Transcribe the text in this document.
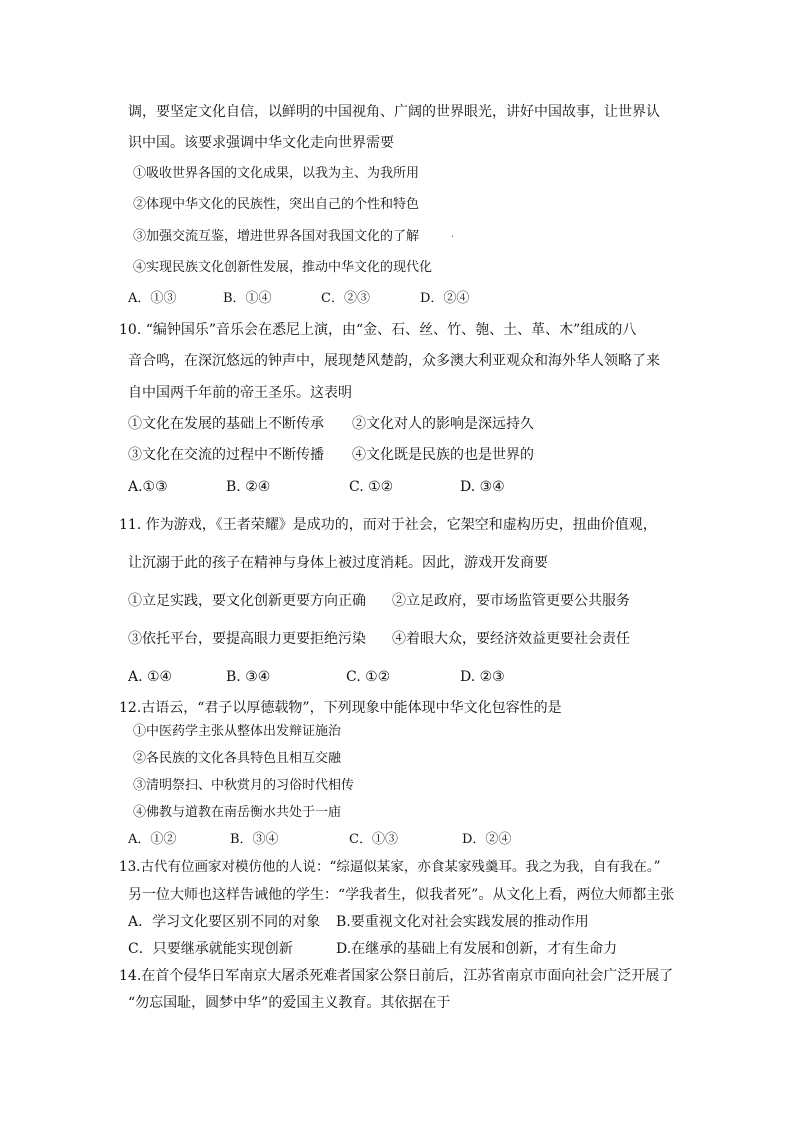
调，要坚定文化自信，以鲜明的中国视角、广阔的世界眼光，讲好中国故事，让世界认
识中国。该要求强调中华文化走向世界需要
①吸收世界各国的文化成果，以我为主、为我所用
②体现中华文化的民族性，突出自己的个性和特色
③加强交流互鉴，增进世界各国对我国文化的了解	·
④实现民族文化创新性发展，推动中华文化的现代化
A．①③	B．①④	C．②③	D．②④
10. “编钟国乐”音乐会在悉尼上演，由“金、石、丝、竹、匏、土、革、木”组成的八
音合鸣，在深沉悠远的钟声中，展现楚风楚韵，众多澳大利亚观众和海外华人领略了来
自中国两千年前的帝王圣乐。这表明
①文化在发展的基础上不断传承 ②文化对人的影响是深远持久
③文化在交流的过程中不断传播 ④文化既是民族的也是世界的
A.①③	B. ②④	C. ①②	D. ③④
11. 作为游戏，《王者荣耀》是成功的，而对于社会，它架空和虚构历史，扭曲价值观，
让沉溺于此的孩子在精神与身体上被过度消耗。因此，游戏开发商要
①立足实践，要文化创新更要方向正确 ②立足政府，要市场监管更要公共服务
③依托平台，要提高眼力更要拒绝污染 ④着眼大众，要经济效益更要社会责任
A. ①④	B. ③④	C. ①②	D. ②③
12.古语云，“君子以厚德载物”，下列现象中能体现中华文化包容性的是
①中医药学主张从整体出发辩证施治
②各民族的文化各具特色且相互交融
③清明祭扫、中秋赏月的习俗时代相传
④佛教与道教在南岳衡水共处于一庙
A．①②	B．③④	C．①③	D．②④
13.古代有位画家对模仿他的人说：“综逼似某家，亦食某家残羹耳。我之为我，自有我在。”
另一位大师也这样告诫他的学生：“学我者生，似我者死”。从文化上看，两位大师都主张
A．学习文化要区别不同的对象 B.要重视文化对社会实践发展的推动作用
C．只要继承就能实现创新	D.在继承的基础上有发展和创新，才有生命力
14.在首个侵华日军南京大屠杀死难者国家公祭日前后，江苏省南京市面向社会广泛开展了
“勿忘国耻，圆梦中华”的爱国主义教育。其依据在于
